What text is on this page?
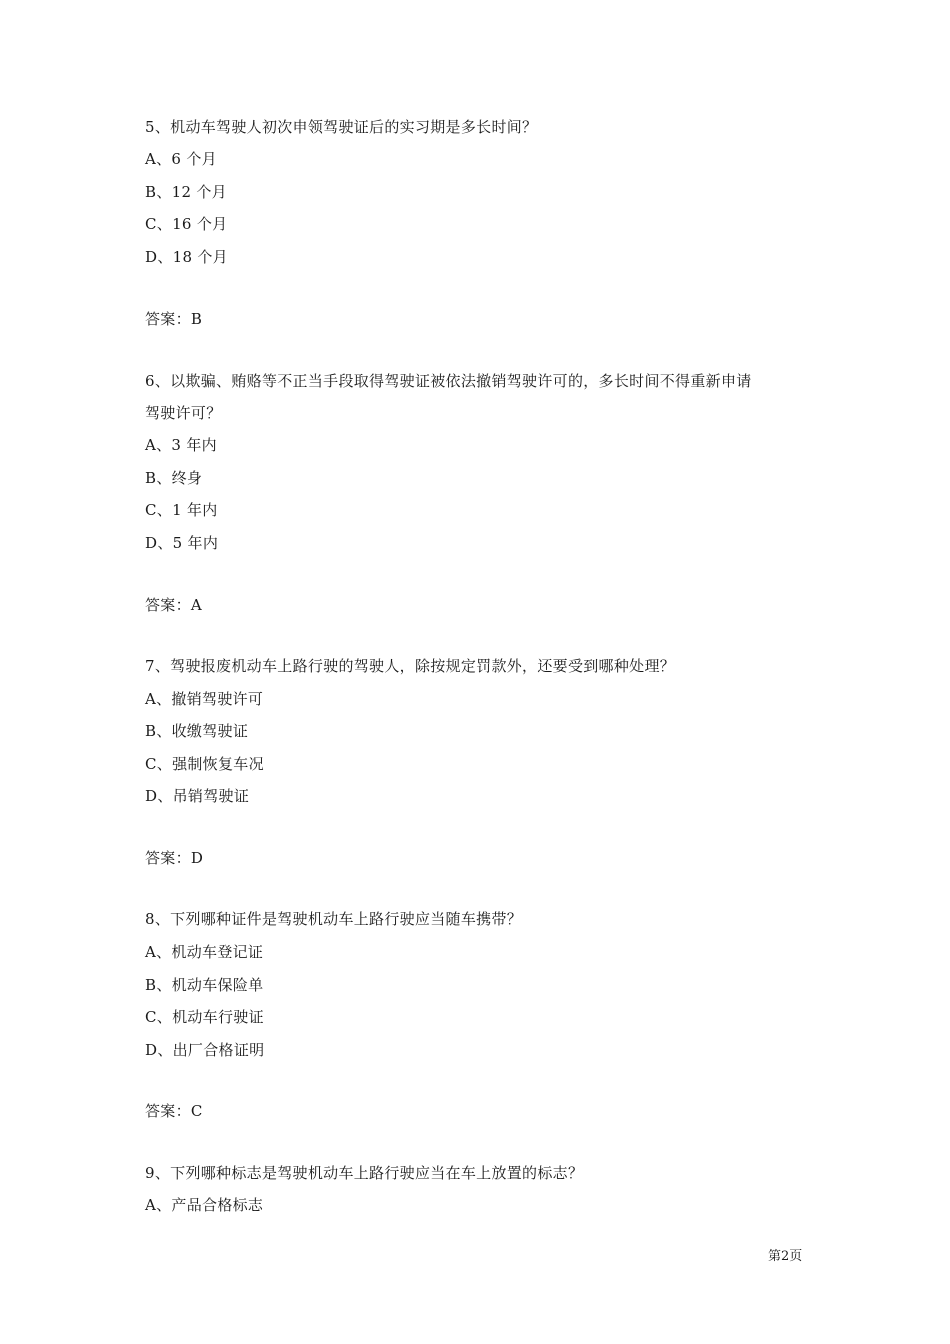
5、机动车驾驶人初次申领驾驶证后的实习期是多长时间？
A、6 个月
B、12 个月
C、16 个月
D、18 个月
答案：B
6、以欺骗、贿赂等不正当手段取得驾驶证被依法撤销驾驶许可的，多长时间不得重新申请
驾驶许可？
A、3 年内
B、终身
C、1 年内
D、5 年内
答案：A
7、驾驶报废机动车上路行驶的驾驶人，除按规定罚款外，还要受到哪种处理？
A、撤销驾驶许可
B、收缴驾驶证
C、强制恢复车况
D、吊销驾驶证
答案：D
8、下列哪种证件是驾驶机动车上路行驶应当随车携带？
A、机动车登记证
B、机动车保险单
C、机动车行驶证
D、出厂合格证明
答案：C
9、下列哪种标志是驾驶机动车上路行驶应当在车上放置的标志？
A、产品合格标志
第2页
